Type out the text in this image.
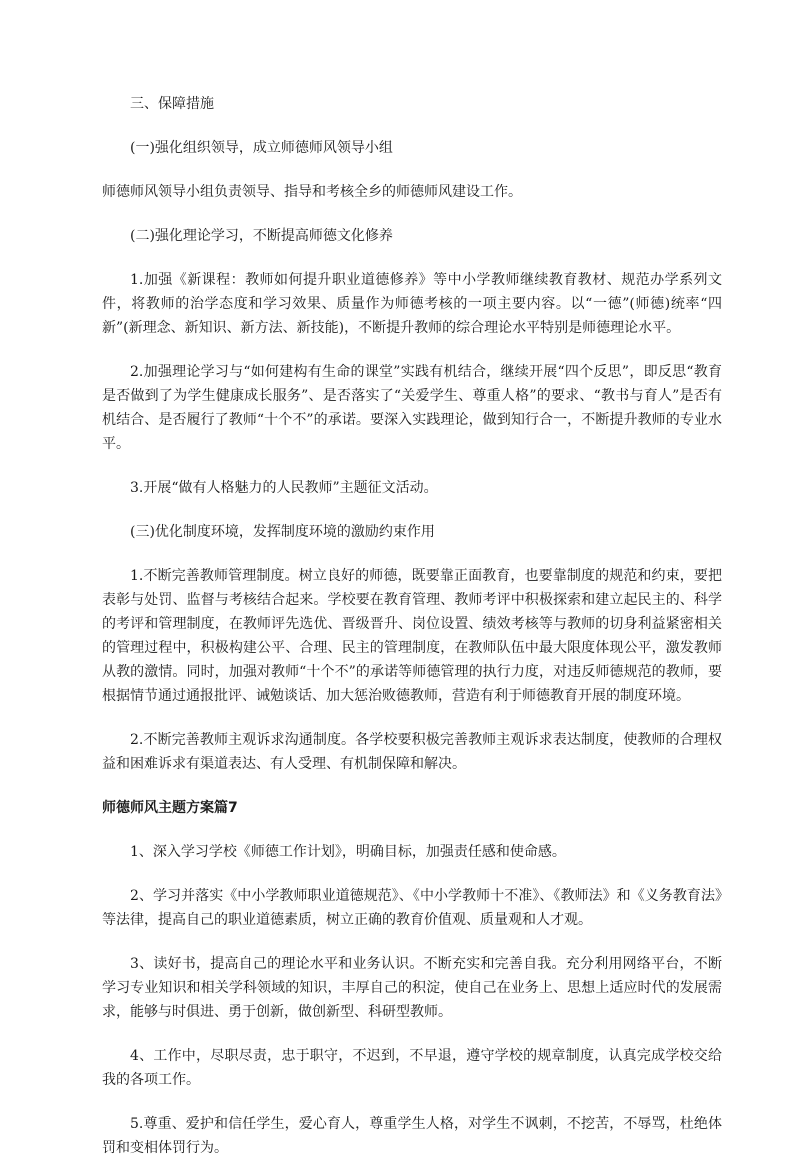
三、保障措施

(一)强化组织领导，成立师德师风领导小组

师德师风领导小组负责领导、指导和考核全乡的师德师风建设工作。

(二)强化理论学习，不断提高师德文化修养

1.加强《新课程：教师如何提升职业道德修养》等中小学教师继续教育教材、规范办学系列文件，将教师的治学态度和学习效果、质量作为师德考核的一项主要内容。以“一德”(师德)统率“四新”(新理念、新知识、新方法、新技能)，不断提升教师的综合理论水平特别是师德理论水平。

2.加强理论学习与“如何建构有生命的课堂”实践有机结合，继续开展“四个反思”，即反思“教育是否做到了为学生健康成长服务”、是否落实了“关爱学生、尊重人格”的要求、“教书与育人”是否有机结合、是否履行了教师“十个不”的承诺。要深入实践理论，做到知行合一，不断提升教师的专业水平。

3.开展“做有人格魅力的人民教师”主题征文活动。

(三)优化制度环境，发挥制度环境的激励约束作用

1.不断完善教师管理制度。树立良好的师德，既要靠正面教育，也要靠制度的规范和约束，要把表彰与处罚、监督与考核结合起来。学校要在教育管理、教师考评中积极探索和建立起民主的、科学的考评和管理制度，在教师评先选优、晋级晋升、岗位设置、绩效考核等与教师的切身利益紧密相关的管理过程中，积极构建公平、合理、民主的管理制度，在教师队伍中最大限度体现公平，激发教师从教的激情。同时，加强对教师“十个不”的承诺等师德管理的执行力度，对违反师德规范的教师，要根据情节通过通报批评、诫勉谈话、加大惩治败德教师，营造有利于师德教育开展的制度环境。

2.不断完善教师主观诉求沟通制度。各学校要积极完善教师主观诉求表达制度，使教师的合理权益和困难诉求有渠道表达、有人受理、有机制保障和解决。

师德师风主题方案篇7

1、深入学习学校《师德工作计划》，明确目标，加强责任感和使命感。

2、学习并落实《中小学教师职业道德规范》、《中小学教师十不准》、《教师法》和《义务教育法》等法律，提高自己的职业道德素质，树立正确的教育价值观、质量观和人才观。

3、读好书，提高自己的理论水平和业务认识。不断充实和完善自我。充分利用网络平台，不断学习专业知识和相关学科领域的知识，丰厚自己的积淀，使自己在业务上、思想上适应时代的发展需求，能够与时俱进、勇于创新，做创新型、科研型教师。

4、工作中，尽职尽责，忠于职守，不迟到，不早退，遵守学校的规章制度，认真完成学校交给我的各项工作。

5.尊重、爱护和信任学生，爱心育人，尊重学生人格，对学生不讽刺，不挖苦，不辱骂，杜绝体罚和变相体罚行为。
